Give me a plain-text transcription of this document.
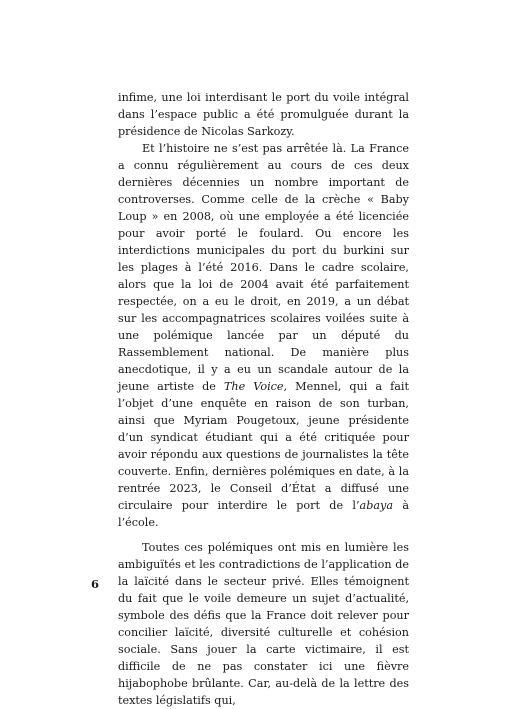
infime, une loi interdisant le port du voile intégral dans l’espace public a été promulguée durant la présidence de Nicolas Sarkozy.

Et l’histoire ne s’est pas arrêtée là. La France a connu régulièrement au cours de ces deux dernières décennies un nombre important de controverses. Comme celle de la crèche « Baby Loup » en 2008, où une employée a été licenciée pour avoir porté le foulard. Ou encore les interdictions municipales du port du burkini sur les plages à l’été 2016. Dans le cadre scolaire, alors que la loi de 2004 avait été parfaitement respectée, on a eu le droit, en 2019, a un débat sur les accompagnatrices scolaires voilées suite à une polémique lancée par un député du Rassemblement national. De manière plus anecdotique, il y a eu un scandale autour de la jeune artiste de The Voice, Mennel, qui a fait l’objet d’une enquête en raison de son turban, ainsi que Myriam Pougetoux, jeune présidente d’un syndicat étudiant qui a été critiquée pour avoir répondu aux questions de journalistes la tête couverte. Enfin, dernières polémiques en date, à la rentrée 2023, le Conseil d’État a diffusé une circulaire pour interdire le port de l’abaya à l’école.

Toutes ces polémiques ont mis en lumière les ambiguïtés et les contradictions de l’application de la laïcité dans le secteur privé. Elles témoignent du fait que le voile demeure un sujet d’actualité, symbole des défis que la France doit relever pour concilier laïcité, diversité culturelle et cohésion sociale. Sans jouer la carte victimaire, il est difficile de ne pas constater ici une fièvre hijabophobe brûlante. Car, au-delà de la lettre des textes législatifs qui,

6
